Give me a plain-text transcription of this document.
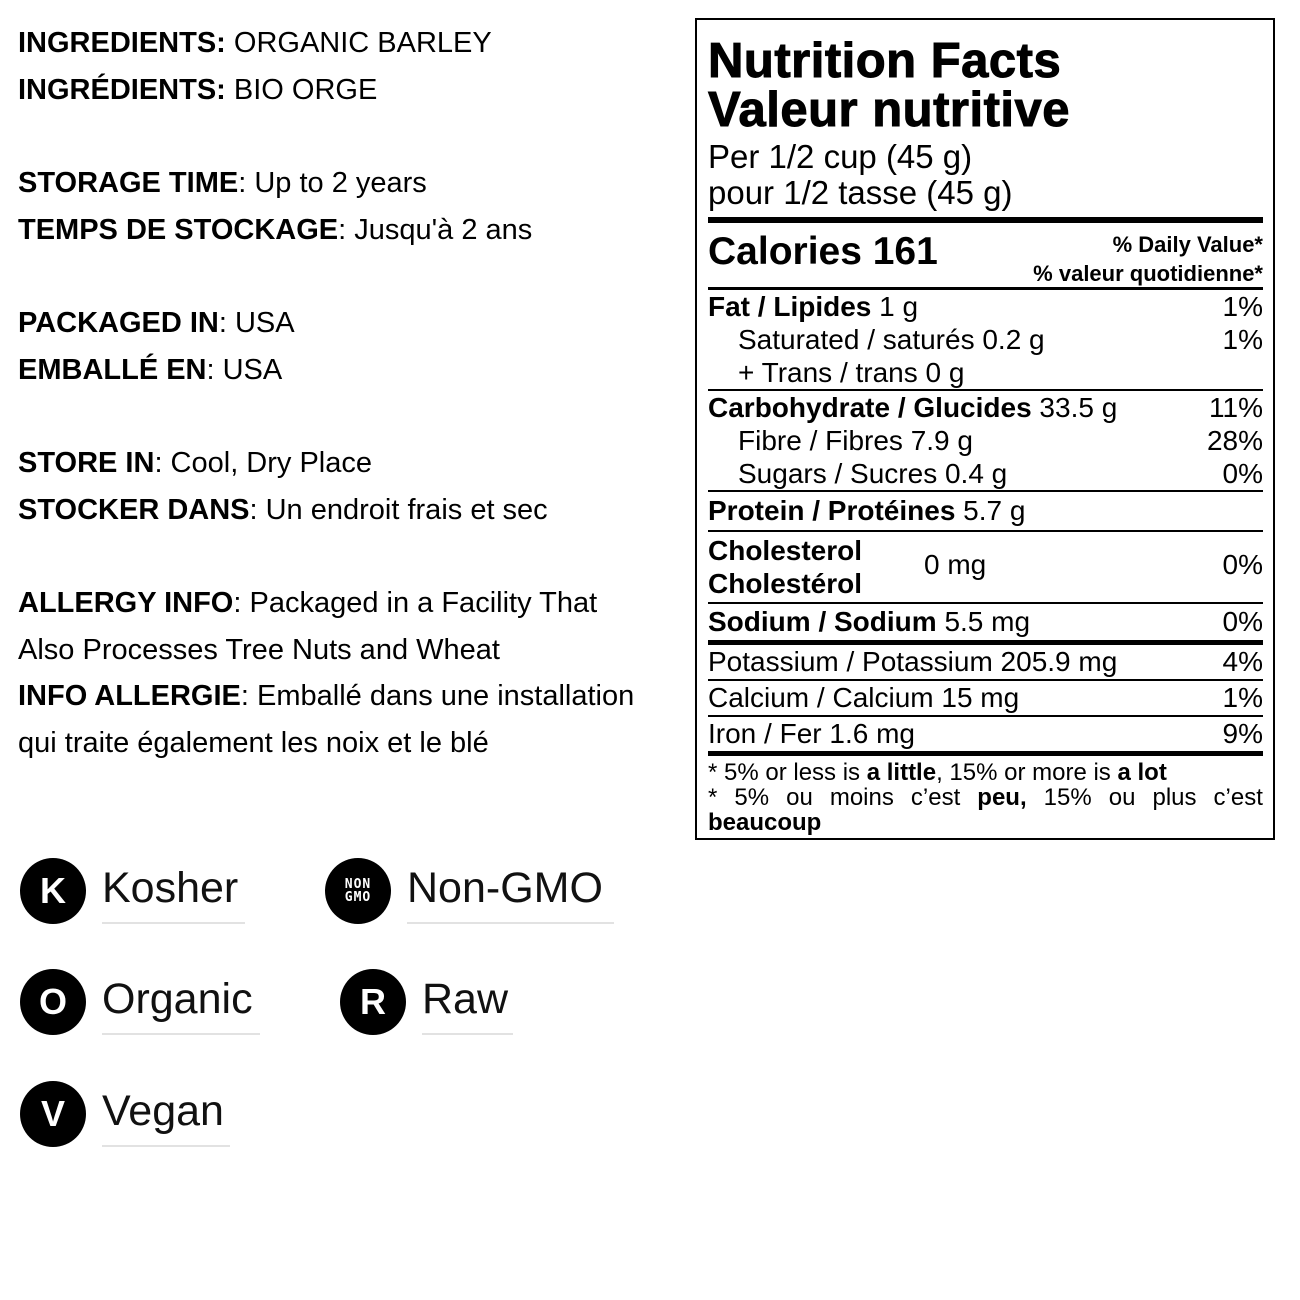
INGREDIENTS: ORGANIC BARLEY
INGRÉDIENTS: BIO ORGE
STORAGE TIME: Up to 2 years
TEMPS DE STOCKAGE: Jusqu'à 2 ans
PACKAGED IN: USA
EMBALLÉ EN: USA
STORE IN: Cool, Dry Place
STOCKER DANS: Un endroit frais et sec
ALLERGY INFO: Packaged in a Facility That
Also Processes Tree Nuts and Wheat
INFO ALLERGIE: Emballé dans une installation
qui traite également les noix et le blé
K Kosher	NON
GMO Non-GMO
O Organic	R Raw
V Vegan
Nutrition Facts
Valeur nutritive
Per 1/2 cup (45 g)
pour 1/2 tasse (45 g)
Calories 161	% Daily Value*
% valeur quotidienne*
Fat / Lipides 1 g	1%
Saturated / saturés 0.2 g	1%
+ Trans / trans 0 g
Carbohydrate / Glucides 33.5 g	11%
Fibre / Fibres 7.9 g	28%
Sugars / Sucres 0.4 g	0%
Protein / Protéines 5.7 g
Cholesterol
Cholestérol
0 mg	0%
Sodium / Sodium 5.5 mg	0%
Potassium / Potassium 205.9 mg	4%
Calcium / Calcium 15 mg	1%
Iron / Fer 1.6 mg	9%
* 5% or less is a little, 15% or more is a lot
* 5% ou moins c’est peu, 15% ou plus c’est
beaucoup
